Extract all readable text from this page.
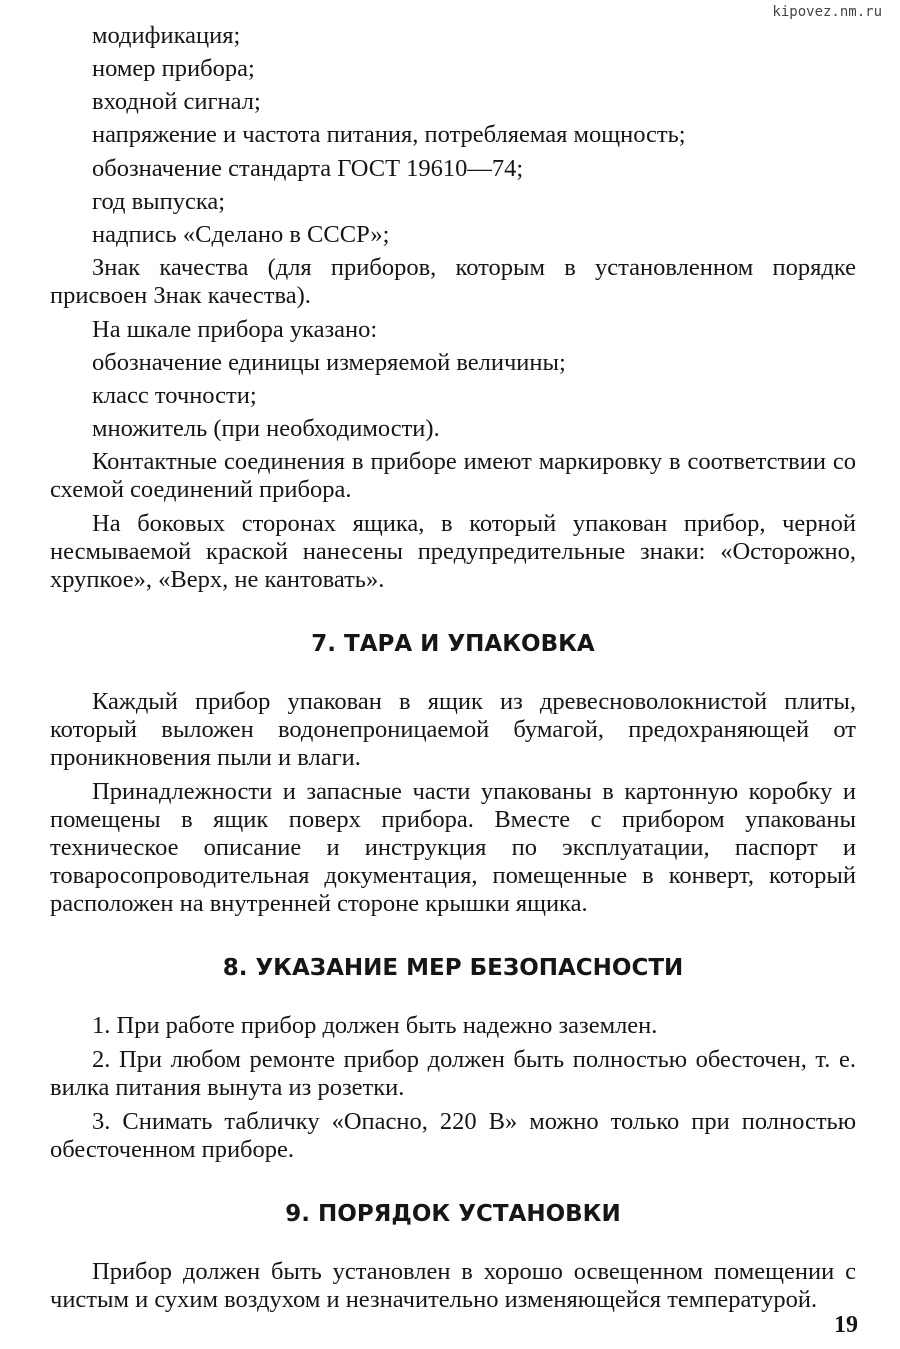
kipovez.nm.ru
модификация;
номер прибора;
входной сигнал;

напряжение и частота питания, потребляемая мощность;

обозначение стандарта ГОСТ 19610—74;
год выпуска;
надпись «Сделано в СССР»;

Знак качества (для приборов, которым в установленном порядке присвоен Знак качества).

На шкале прибора указано:
обозначение единицы измеряемой величины;
класс точности;
множитель (при необходимости).

Контактные соединения в приборе имеют маркировку в соответствии со схемой соединений прибора.

На боковых сторонах ящика, в который упакован прибор, черной несмываемой краской нанесены предупредительные знаки: «Осторожно, хрупкое», «Верх, не кантовать».

7. ТАРА И УПАКОВКА

Каждый прибор упакован в ящик из древесноволокнистой плиты, который выложен водонепроницаемой бумагой, предохраняющей от проникновения пыли и влаги.

Принадлежности и запасные части упакованы в картонную коробку и помещены в ящик поверх прибора. Вместе с прибором упакованы техническое описание и инструкция по эксплуатации, паспорт и товаросопроводительная документация, помещенные в конверт, который расположен на внутренней стороне крышки ящика.

8. УКАЗАНИЕ МЕР БЕЗОПАСНОСТИ

1. При работе прибор должен быть надежно заземлен.

2. При любом ремонте прибор должен быть полностью обесточен, т. е. вилка питания вынута из розетки.

3. Снимать табличку «Опасно, 220 В» можно только при полностью обесточенном приборе.

9. ПОРЯДОК УСТАНОВКИ

Прибор должен быть установлен в хорошо освещенном помещении с чистым и сухим воздухом и незначительно изменяющейся температурой.

19
